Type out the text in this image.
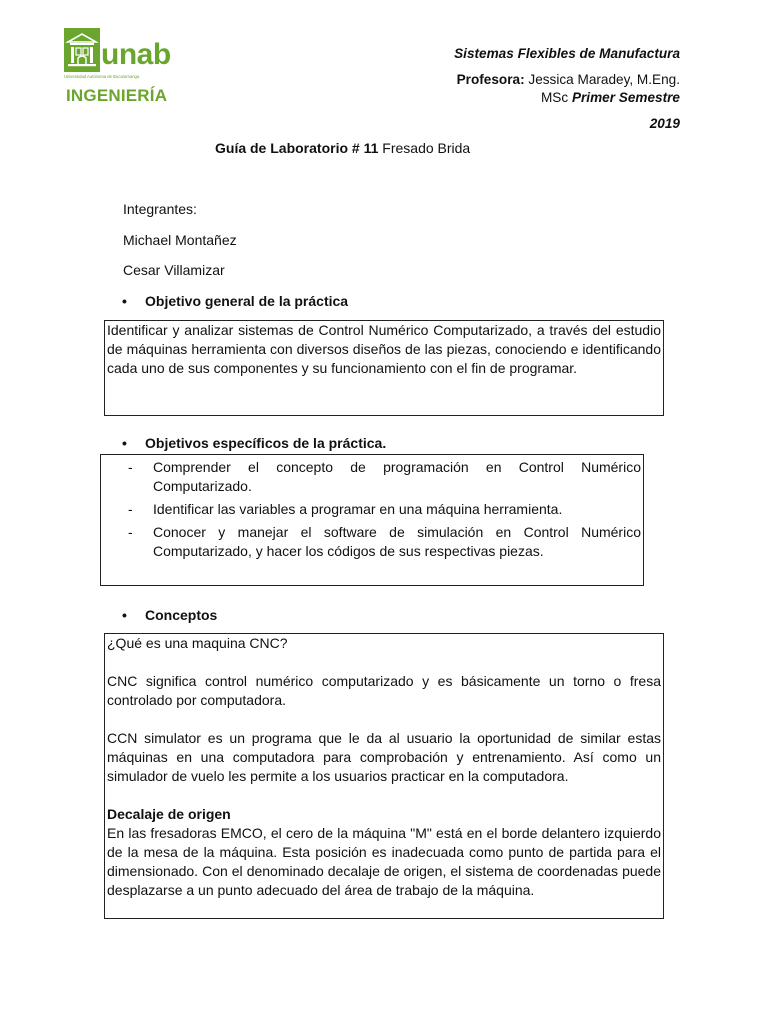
unab
Universidad Autónoma de Bucaramanga
INGENIERÍA
Sistemas Flexibles de Manufactura
Profesora: Jessica Maradey, M.Eng.
MSc Primer Semestre
2019
Guía de Laboratorio # 11 Fresado Brida
Integrantes:
Michael Montañez
Cesar Villamizar
• Objetivo general de la práctica
Identificar y analizar sistemas de Control Numérico Computarizado, a través del estudio de máquinas herramienta con diversos diseños de las piezas, conociendo e identificando cada uno de sus componentes y su funcionamiento con el fin de programar.
• Objetivos específicos de la práctica.
-	Comprender el concepto de programación en Control Numérico Computarizado.
-	Identificar las variables a programar en una máquina herramienta.
-	Conocer y manejar el software de simulación en Control Numérico Computarizado, y hacer los códigos de sus respectivas piezas.
• Conceptos
¿Qué es una maquina CNC?
CNC significa control numérico computarizado y es básicamente un torno o fresa controlado por computadora.
CCN simulator es un programa que le da al usuario la oportunidad de similar estas máquinas en una computadora para comprobación y entrenamiento. Así como un simulador de vuelo les permite a los usuarios practicar en la computadora.
Decalaje de origen
En las fresadoras EMCO, el cero de la máquina "M" está en el borde delantero izquierdo de la mesa de la máquina. Esta posición es inadecuada como punto de partida para el dimensionado. Con el denominado decalaje de origen, el sistema de coordenadas puede desplazarse a un punto adecuado del área de trabajo de la máquina.
